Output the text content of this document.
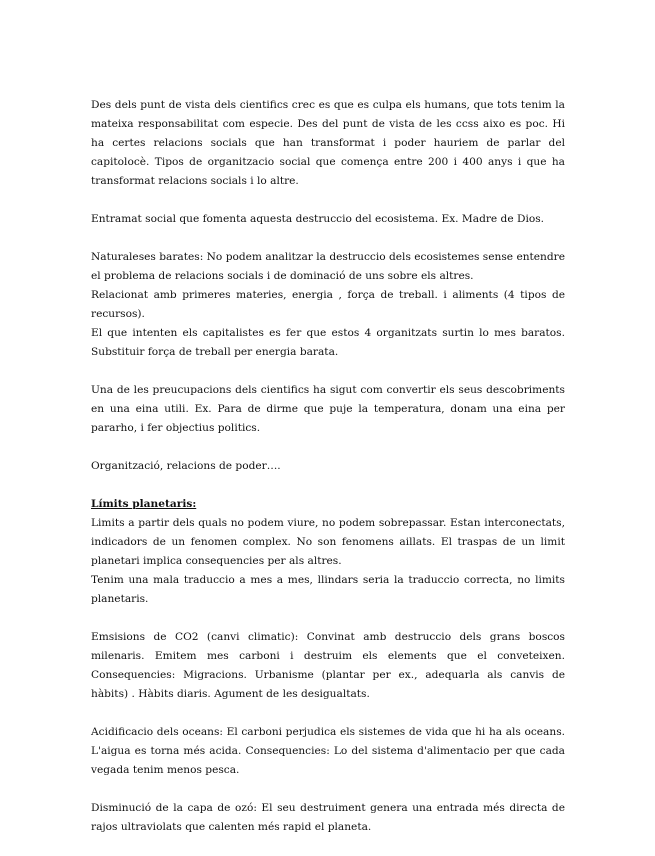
Des dels punt de vista dels cientifics crec es que es culpa els humans, que tots tenim la mateixa responsabilitat com especie. Des del punt de vista de les ccss aixo es poc. Hi ha certes relacions socials que han transformat i poder hauriem de parlar del capitolocè. Tipos de organitzacio social que comença entre 200 i 400 anys i que ha transformat relacions socials i lo altre.

Entramat social que fomenta aquesta destruccio del ecosistema. Ex. Madre de Dios.

Naturaleses barates: No podem analitzar la destruccio dels ecosistemes sense entendre el problema de relacions socials i de dominació de uns sobre els altres.
Relacionat amb primeres materies, energia , força de treball. i aliments (4 tipos de recursos).
El que intenten els capitalistes es fer que estos 4 organitzats surtin lo mes baratos. Substituir força de treball per energia barata.

Una de les preucupacions dels cientifics ha sigut com convertir els seus descobriments en una eina utili. Ex. Para de dirme que puje la temperatura, donam una eina per pararho, i fer objectius politics.

Organització, relacions de poder….

Límits planetaris:
Limits a partir dels quals no podem viure, no podem sobrepassar. Estan interconectats, indicadors de un fenomen complex. No son fenomens aillats. El traspas de un limit planetari implica consequencies per als altres.
Tenim una mala traduccio a mes a mes, llindars seria la traduccio correcta, no limits planetaris.

Emsisions de CO2 (canvi climatic): Convinat amb destruccio dels grans boscos milenaris. Emitem mes carboni i destruim els elements que el conveteixen. Consequencies: Migracions. Urbanisme (plantar per ex., adequarla als canvis de hàbits) . Hàbits diaris. Agument de les desigualtats.

Acidificacio dels oceans: El carboni perjudica els sistemes de vida que hi ha als oceans. L'aigua es torna més acida. Consequencies: Lo del sistema d'alimentacio per que cada vegada tenim menos pesca.

Disminució de la capa de ozó: El seu destruiment genera una entrada més directa de rajos ultraviolats que calenten més rapid el planeta.
